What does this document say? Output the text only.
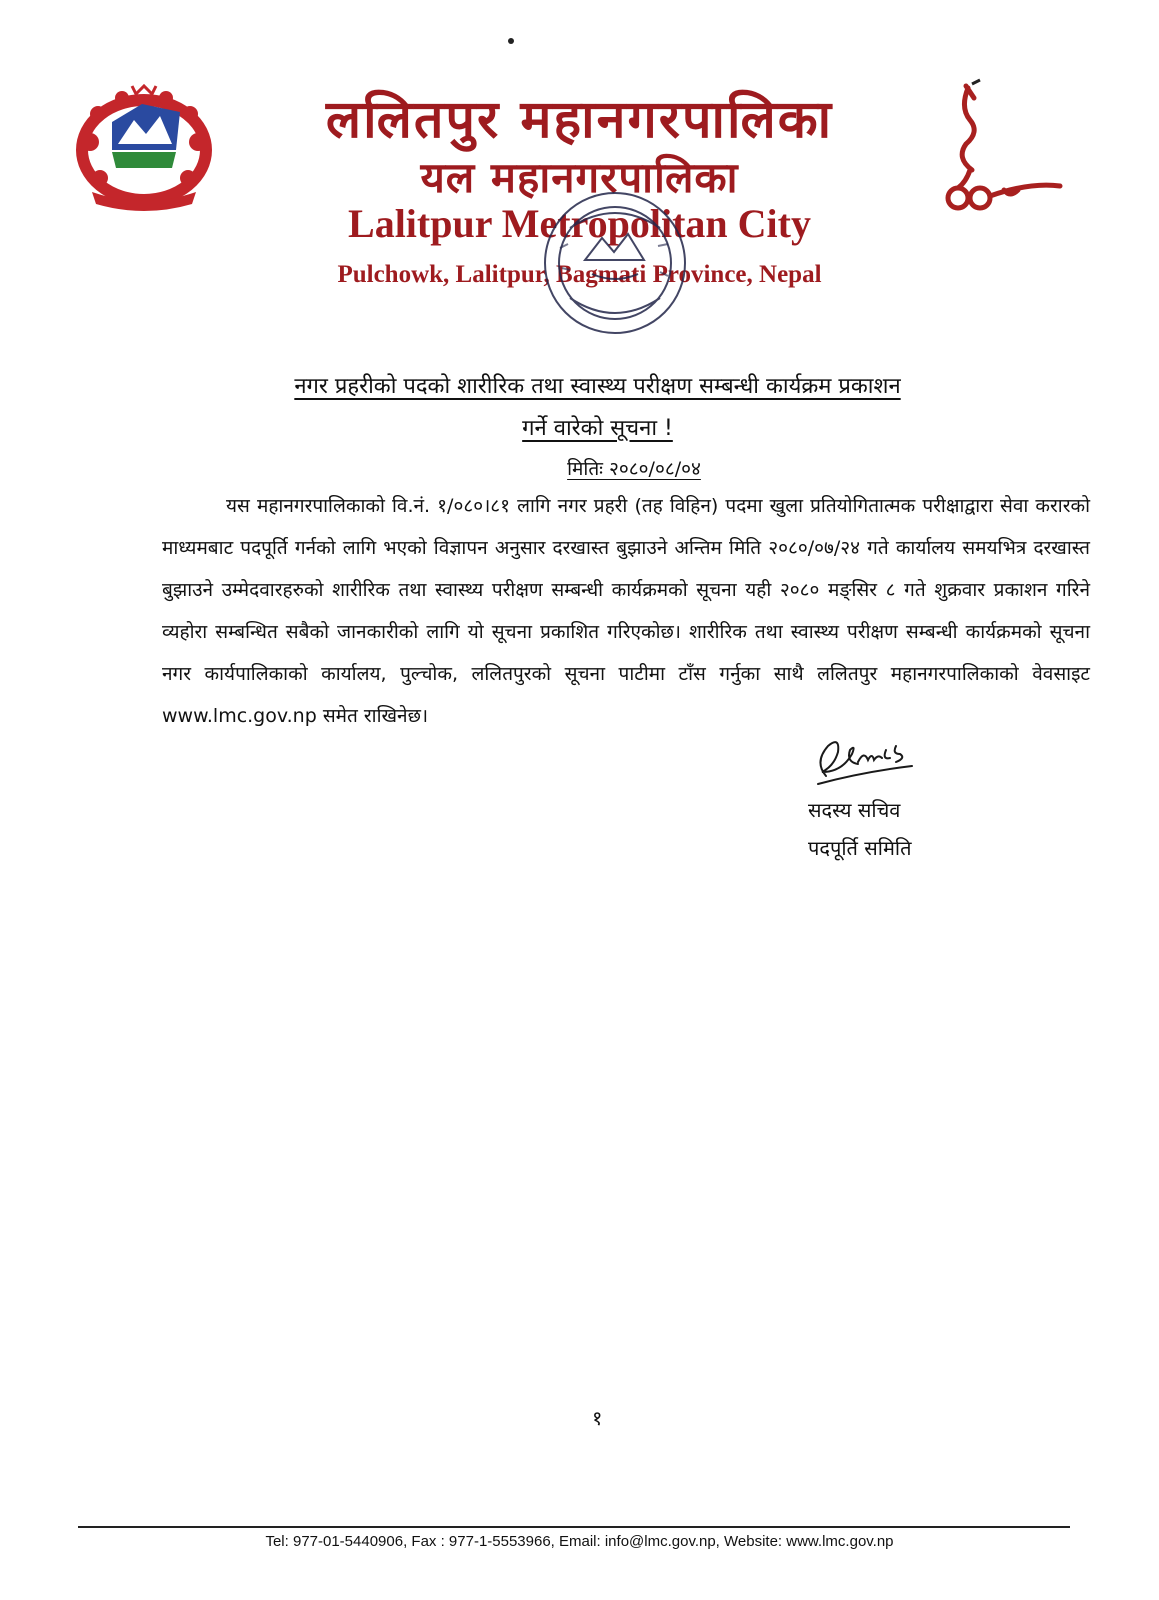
ललितपुर महानगरपालिका
यल महानगरपालिका
Lalitpur Metropolitan City
Pulchowk, Lalitpur, Bagmati Province, Nepal
नगर प्रहरीको पदको शारीरिक तथा स्वास्थ्य परीक्षण सम्बन्धी कार्यक्रम प्रकाशन
गर्ने वारेको सूचना !
मितिः २०८०/०८/०४
यस महानगरपालिकाको वि.नं. १/०८०।८१ लागि नगर प्रहरी (तह विहिन) पदमा खुला प्रतियोगितात्मक परीक्षाद्वारा सेवा करारको माध्यमबाट पदपूर्ति गर्नको लागि भएको विज्ञापन अनुसार दरखास्त बुझाउने अन्तिम मिति २०८०/०७/२४ गते कार्यालय समयभित्र दरखास्त बुझाउने उम्मेदवारहरुको शारीरिक तथा स्वास्थ्य परीक्षण सम्बन्धी कार्यक्रमको सूचना यही २०८० मङ्सिर ८ गते शुक्रवार प्रकाशन गरिने व्यहोरा सम्बन्धित सबैको जानकारीको लागि यो सूचना प्रकाशित गरिएकोछ। शारीरिक तथा स्वास्थ्य परीक्षण सम्बन्धी कार्यक्रमको सूचना नगर कार्यपालिकाको कार्यालय, पुल्चोक, ललितपुरको सूचना पाटीमा टाँस गर्नुका साथै ललितपुर महानगरपालिकाको वेवसाइट www.lmc.gov.np समेत राखिनेछ।
सदस्य सचिव
पदपूर्ति समिति
१
Tel: 977-01-5440906, Fax : 977-1-5553966, Email: info@lmc.gov.np, Website: www.lmc.gov.np
